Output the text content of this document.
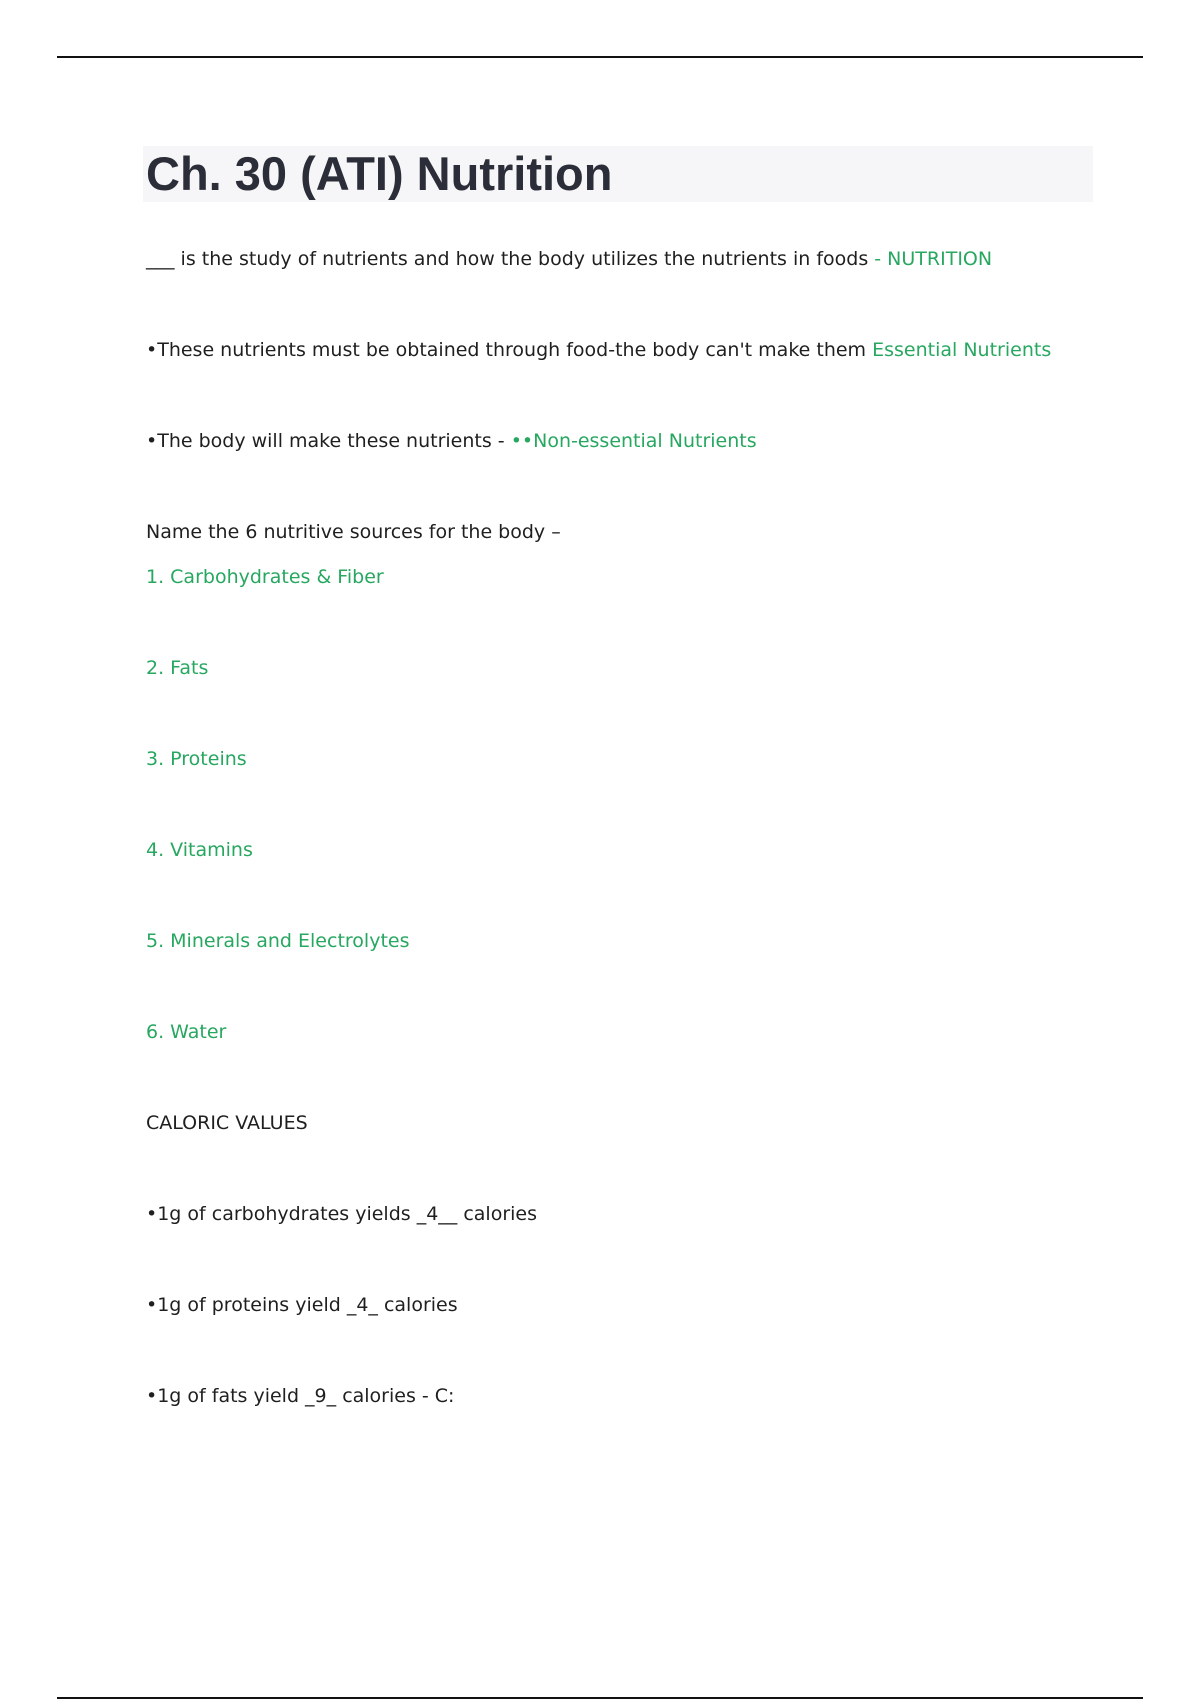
Ch. 30 (ATI) Nutrition

___ is the study of nutrients and how the body utilizes the nutrients in foods - NUTRITION

•These nutrients must be obtained through food-the body can't make them Essential Nutrients

•The body will make these nutrients - ••Non-essential Nutrients

Name the 6 nutritive sources for the body –

1. Carbohydrates & Fiber

2. Fats

3. Proteins

4. Vitamins

5. Minerals and Electrolytes

6. Water

CALORIC VALUES

•1g of carbohydrates yields _4__ calories

•1g of proteins yield _4_ calories

•1g of fats yield _9_ calories - C:
